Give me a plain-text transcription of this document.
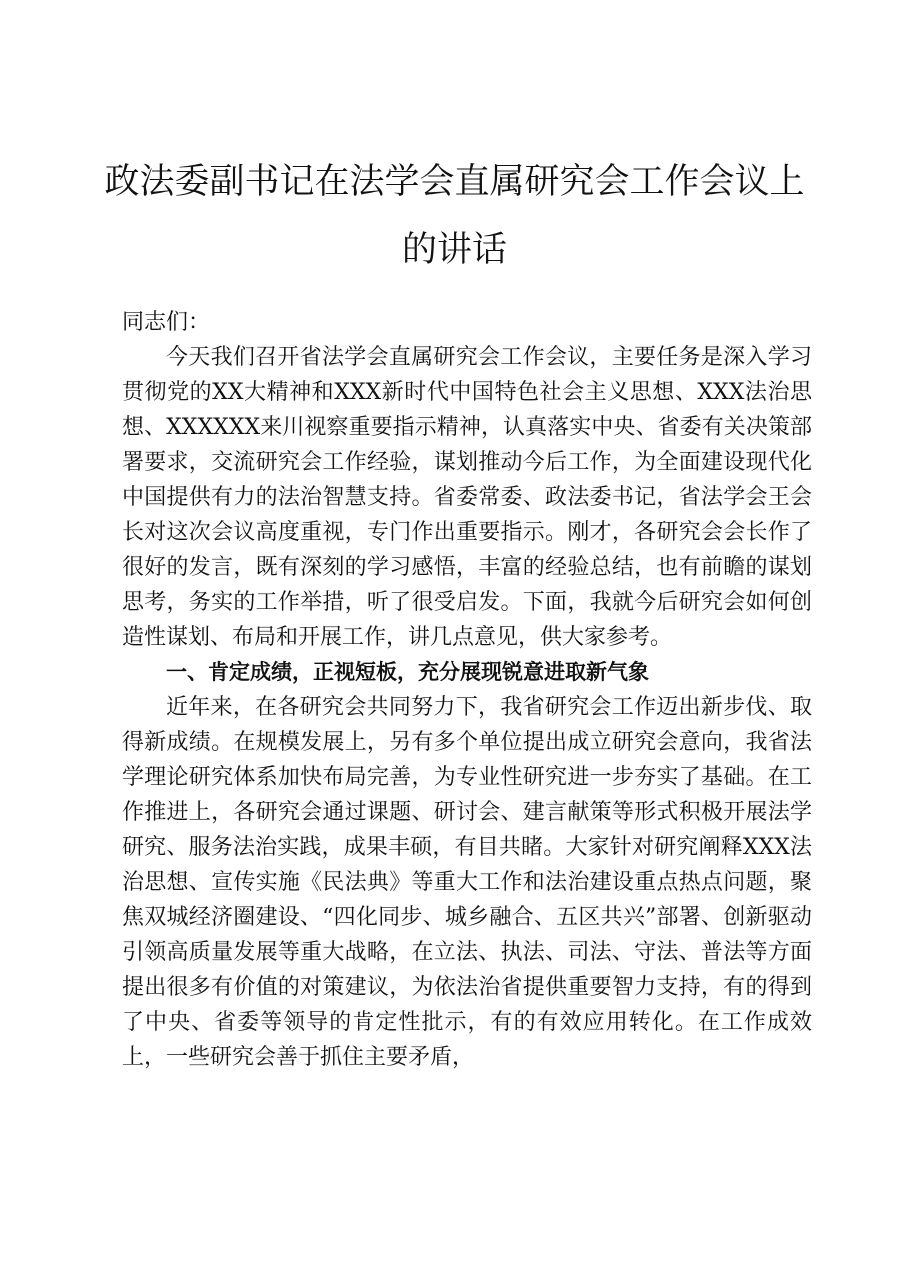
政法委副书记在法学会直属研究会工作会议上
的讲话
同志们：

今天我们召开省法学会直属研究会工作会议，主要任务是深入学习贯彻党的XX大精神和XXX新时代中国特色社会主义思想、XXX法治思想、XXXXXX来川视察重要指示精神，认真落实中央、省委有关决策部署要求，交流研究会工作经验，谋划推动今后工作，为全面建设现代化中国提供有力的法治智慧支持。省委常委、政法委书记，省法学会王会长对这次会议高度重视，专门作出重要指示。刚才，各研究会会长作了很好的发言，既有深刻的学习感悟，丰富的经验总结，也有前瞻的谋划思考，务实的工作举措，听了很受启发。下面，我就今后研究会如何创造性谋划、布局和开展工作，讲几点意见，供大家参考。

一、肯定成绩，正视短板，充分展现锐意进取新气象

近年来，在各研究会共同努力下，我省研究会工作迈出新步伐、取得新成绩。在规模发展上，另有多个单位提出成立研究会意向，我省法学理论研究体系加快布局完善，为专业性研究进一步夯实了基础。在工作推进上，各研究会通过课题、研讨会、建言献策等形式积极开展法学研究、服务法治实践，成果丰硕，有目共睹。大家针对研究阐释XXX法治思想、宣传实施《民法典》等重大工作和法治建设重点热点问题，聚焦双城经济圈建设、“四化同步、城乡融合、五区共兴”部署、创新驱动引领高质量发展等重大战略，在立法、执法、司法、守法、普法等方面提出很多有价值的对策建议，为依法治省提供重要智力支持，有的得到了中央、省委等领导的肯定性批示，有的有效应用转化。在工作成效上，一些研究会善于抓住主要矛盾，
